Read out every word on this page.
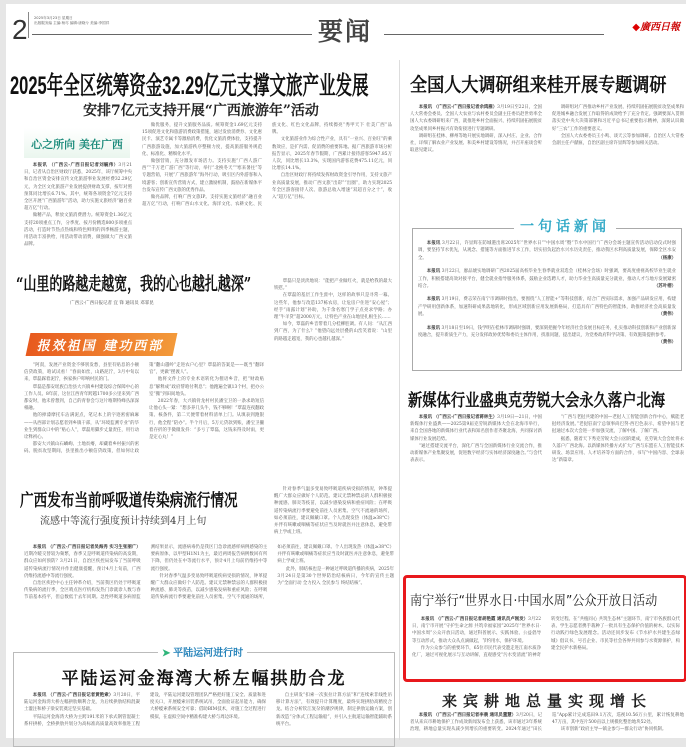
2 2025年3月23日 星期日
出版服务编 主编:杨尽 编辑:唐晓兮 美编:李国祥	要闻	◆廣西日報
2025年全区统筹资金32.29亿元支撑文旅产业发展
安排7亿元支持开展“广西旅游年”活动
心之所向 美在广西

本报讯 （广西云-广西日报记者刘毓伟）3月21日，记者从自治区财政厅获悉，2025年，该厅统筹中央和自治区资金安排宣传文化旅游事业发展经费32.29亿元，为全区文化旅游产业发展提供财政支撑，按年对照预算同比增长6.71%。其中，统筹各项资金7亿元支持全区开展“广西旅游年”活动，助力实施文旅经济“融百业超万亿”行动。

做精产品，释放文旅消费潜力。统筹资金1.36亿元支持20项重点工作，分季度、按月份精选800多项重点活动，打造时节热点热线和特色鲜明的四季畅游主题，用活动丰富供给，用活动带动消费，做强做大广西文旅品牌。

做优服务，提升文旅服务品质。统筹资金1.69亿元支持15项促进文化和旅游消费政策措施，通过发放消费券、文化惠民卡、演艺专属卡等激励消费，优化文旅消费体验，支持提升广西旅游设施，加大旅游秩序整顿力度，提高旅游服务规范化、标准化、精细化水平。

做强营销，充分激发市场活力。支持实施“广西人游广西”“千万老广游广西”等行动，举行“北换冬天”“寒来暑往”等专题营销，开展“广西旅游年”海外行动，吸引区内外游客和入境游客；创新宣传营销方式，建立激励机制，鼓励在新媒体平台发布宣传广西文旅的优秀作品。

做亮品牌，打响广西文旅IP。支持实施文旅经济“融百业超万亿”行动，打响广西山水文化、海洋文化、农耕文化、民族文化、红色文化品牌，持续擦亮“秀甲天下 壮美广西”品牌。

文化旅游业作为综合性产业，具有“一业兴、百业旺”的乘数效应，是扩内需、促消费的重要阵地。据广西旅游市场分析报告显示，2025年春节假期，广西累计接待游客5947.85万人次，同比增长13.3%，实现国内游客花费475.11亿元，同比增长14.1%。

自治区财政厅将持续发挥财政资金引导作用，支持文旅产业高质量发展，推动广西文旅“出彩”“出圈”，助力实现2025年全区游客接待人次、旅游总收入增速“双超百分之十”，收入“超万亿”目标。

“山里的路越走越宽，我的心也越扎越深”
广西云-广西日报记者 宜 锋 通讯员 邓霏昆
报效祖国 建功西部

“阿叔，发展产业资金不够别发愁，县里有贴息的小额信贷政策，咱试试看！”春雨如丝，山路泥泞，3月中旬以来，覃磊踩着泥泞，挨家挨户叩响村民的门。

覃磊是都安瑶族自治县大兴镇乡村建设综合保障中心的工作人员。8年前，这位江西青年跨越1700多公里来到广西都安时，他未曾想到，自己的青春会与这片喀斯特峰丛深深相融。

他的掉漆摩托车沾满泥点，笔记本上的字迹密密麻麻——从西部计划志愿者到乡镇干部，从“环境监测专业”的毕业生到群众口中的“贴心人”，覃磊用脚步丈量责任，用行动诠释初心。

都安大兴镇山石嶙峋、土地贫瘠，却藏着乡村振兴的密码。脱贫攻坚期间，县里推出小额信贷政策，但如何让政策“翻山越岭”走进农户心里？覃磊的答案是——既当“翻译官”，更做“摆渡人”。

他将文件上的专业术语转化为俚语乡音，把“财政贴息”解释成“政府帮咱付利息”；他跑遍全镇13个村，把办公室“搬”到田间地头。

2022年春，大兴镇骨龙村村民潘宝卫的一条求助短信让他心头一紧：“想多养几头牛，钱不够啊！”覃磊连夜翻政策、核条件，第二天便带着材料清单上门。从填表到跑银行，他全程“陪办”。半个月后，5万元贷款到账，潘宝卫攥着存折的手微微发抖：“多亏了覃磊，这钱来得及时雨，更是定心丸！”

覃磊只是淡淡地说：“能把产业做红火，就是给我的最大铁慰。”

在覃磊的基层工作生涯中，这样的故事只是寻常一幕。这些年，他参与改造137栋农房，让危房户住进“安心屋”；经手“雨露计划”补助，为千余名寒门学子点亮求学路；办理“牛羊贷”超2000万元，让特色产业在山地里扎根生长……

如今，覃磊的乡音带着几分桂柳腔调。有人问：“从江西到广西，为了什么？”他望向远处层叠的山峦笑着说：“山里的路越走越宽，我的心也越扎越深。”

广西发布当前呼吸道传染病流行情况
流感中等流行强度预计持续到4月上旬

本报讯 （广西云-广西日报记者吴海秀 实习生张丽广）近期冷暖交替较为频繁，春季又是呼吸道传染病的高发期，群众应如何预防？3月21日，自治区疾控局发布了当前呼吸道传染病流行情况并作出健康提醒，预计4月上旬前，广西仍维持流感中等流行强度。

自治区疾控中心主任钟革介绍，当前我区仍处于呼吸道传染病的流行季，全区哨点医疗机构发热门诊就诊人数与春节前基本持平，但总数低于去年同期。急性呼吸道多病原监测结果显示，流感病毒仍是我区门急诊流感样病例感染的主要病原体，以甲型H1N1为主，最近两周报告病例数回有所下降，但仍处在中等流行水平，预计4月上旬前仍维持中等流行强度。

针对春季气温多变易致呼吸道疾病受损的情况，钟革提醒广大群众应做好个人防范。建议无禁种禁忌的人群积极接种流感、肺炎等疫苗，以减少感染发病和重症风险；在呼吸道传染病流行季要避免前往人员密集、空气不流通的场所，如必须前往，建议佩戴口罩。个人出现发热（体温≥38°C）并伴有咳嗽或咽痛等症状应当及时就医并注意休息，避免带病上学或上班。

此外，肺结核也是一种通过呼吸道传播的疾病，2025年3月24日是第30个世界防治结核病日，今年的宣传主题为“全面行动 全力投入 全民参与 终结结核”。

针对春季气温多变易致呼吸道疾病受损的情况，钟革提醒广大群众应做好个人防范。建议无禁种禁忌的人群积极接种流感、肺炎等疫苗，以减少感染发病和重症风险；在呼吸道传染病流行季要避免前往人员密集、空气不流通的场所，如必须前往，建议佩戴口罩。个人出现发热（体温≥38°C）并伴有咳嗽或咽痛等症状应当及时就医并注意休息，避免带病上学或上班。

➤ 平陆运河进行时
平陆运河金海湾大桥左幅拱肋合龙

本报讯 （广西云-广西日报记者黄艳索）3月20日，平陆运河金海湾大桥左幅拱肋顺利合龙，为后续拱肋结构混凝土灌注和桥子梁安装奠定坚实基础。

平陆运河金海湾大桥为主跨191米的下承式钢管混凝土系杆拱桥，全桥拱肋共划分为高标准高质量高效率推进工程建设，平陆运河建设管理团队严格把好施工安全、质量和进度关口，开展缆索吊装系统试吊，全面验证起吊能力，确保大桥缆索系统安全可靠；借助BIM技术，对施工全过程进行模拟，在虚拟空间中精准构建大桥与周边环境。

自主研发“扣索一次张拉计算方法”和“连续索非线性吊移计算方法”，有效提升计算精度，最终实现拱肋高精度合龙。结合分析钦江复杂的潮汐规律，制定拱肋运输方案，创新改造“分体式工程运输船”，并引入主航道运输智能辅助系统平台。

全国人大调研组来桂开展专题调研

本报讯 （广西云-广西日报记者余鸿雁）3月19日至22日，全国人大常委会委员、全国人大农业与农村委员会副主任委员赵世勇率全国人大农委调研组来广西，就推进乡村全面振兴、持续巩固拓展脱贫攻坚成果同乡村振兴有效衔接进行专题调研。

调研组在桂林、柳州等地开展实地调研，深入村庄、企业、合作社，详细了解农业产业发展、和美乡村建设等情况，并召开座谈会听取意见建议。

调研组对广西推动乡村产业发展、持续巩固拓展脱贫攻坚成果和促进城乡融合发展工作取得的成效给予了充分肯定。强调要深入贯彻落实党中央大决策部署和习近平总书记重要指示精神，深刻认识做好“三农”工作的重要意义。

全国人大农委委员王小鸣、谈天云等参加调研。自治区人大常委会副主任卢献匾，自治区副主席许显辉等参加相关活动。

一句话新闻

本报讯 3月22日，许显辉在防城港出席2025年“世界水日”“中国水周”暨“节水中国行”广西分会场主题宣传活动启动仪式时强调，要坚持节水优先，从观念、措施等方面推进节水工作，切实扭负起治水兴水历史责任，推动我区水利高质量发展，保障全区水安全。	（杨康）

本报讯 3月22日，廖品琥实地调研广西2025届高校毕业生春季就业双选会（桂林分会场）时强调，要高度重视高校毕业生就业工作，积极搭建高效对接平台，健全就业指导服务体系，鼓励企业选聘人才，助力毕业生高质量充分就业，推动人才与地方发展紧密结合。	（苏叶榕）

本报讯 3月19日，费志荣在南宁市调研时指出，要围绕“人工智能+”等科技创新，结合广西实际需求，加强产品研发应用，构建产学研用创新体系，加速科研成果落地转化，形成区域创新应用发展新格局，打造具有广西特色的智能体，助推经济社会高质量发展。	（黄伟）

本报讯 3月18日至19日，钱学明在桂林市调研时强调，要深刻把握今年经济社会发展目标任务，扎实推动科技创新和产业创新深度融合，提升新质生产力，充分发挥政协优势和委员主体作用，找准问题，提出建议，为党委政府科学决策、有效施策提供参考。
（黄伟）

新媒体行业盛典克劳锐大会永久落户北海

本报讯 （广西云-广西日报记者蒋林生）3月19日—21日，中国新媒体行业盛典——2025第9届克劳锐新媒体大会在北海市举行，来自全国各地的新媒体行业代表和知名创作者齐聚北海，共同探讨新媒体行业发展趋势。

“通过搭建交流平台，深化广西与全国新媒体行业交流合作，推动新媒体产业集聚发展，促进数字经济与实体经济深度融合。”与会代表表示。

“广西与老挝共建的中国—老挝人工智能创新合作中心，赋能老挝经济发展。”老挝驻南宁总领事尚巴努·西巴色表示，希望中国与老挝通过本次大会进一步加强交流，了解中国、了解广西。

据悉，随着天下秀克劳锐大会公园的建成，克劳锐大会会址将永久落户广西北海。以新媒体传播方式扩大广西与东盟在人工智能技术研发、场景应用、人才培养等方面的合作，书写“中国内容、全球表达”新篇章。

南宁举行“世界水日·中国水周”公众开放日活动

本报讯 （广西云-广西日报记者胡艳霞 通讯员卢刚发）3月22日，南宁市开展“守护生命之源 共筑幸福家园”2025年“世界水日·中国水周”公众开放日活动，通过科普展示、实践体验、公益倡导等互动形式，推动大众从点滴做起，节约用水，保护环境。

作为公众参与的重要环节，65位市民代表受邀走进江南水质净化厂，通过可视化展示与互动讲解，直观感受“污水变清流”的神奇转变过程。在“共植同心 共筑生态林”主题环节，南宁市各族群众代表、学生志愿者携手栽种了一批具有生态保护价值的树木，以实际行动践行绿色发展理念。活动还同步发布《节水护水共建生态绿城》倡议书，号召企业、市民等社会各界共同参与水资源保护，构建全民护水新格局。

来宾耕地总量实现增长

本报讯 （广西云-广西日报记者李晨 通讯员董慧）3月20日，记者从来宾市耕地保护工作成效新闻发布会上获悉，该市通过3年系统治理，耕地总量实现从减少到增长的重要转变。2024年通过“田长巡”App累计完成巡田9.1万次，巡视10.56万公里，累计恢复耕地47万亩，其中连片500亩以上规模化整治地块52处。

该市创新“政府主导—镇企参与—群众行动”协同机制。
